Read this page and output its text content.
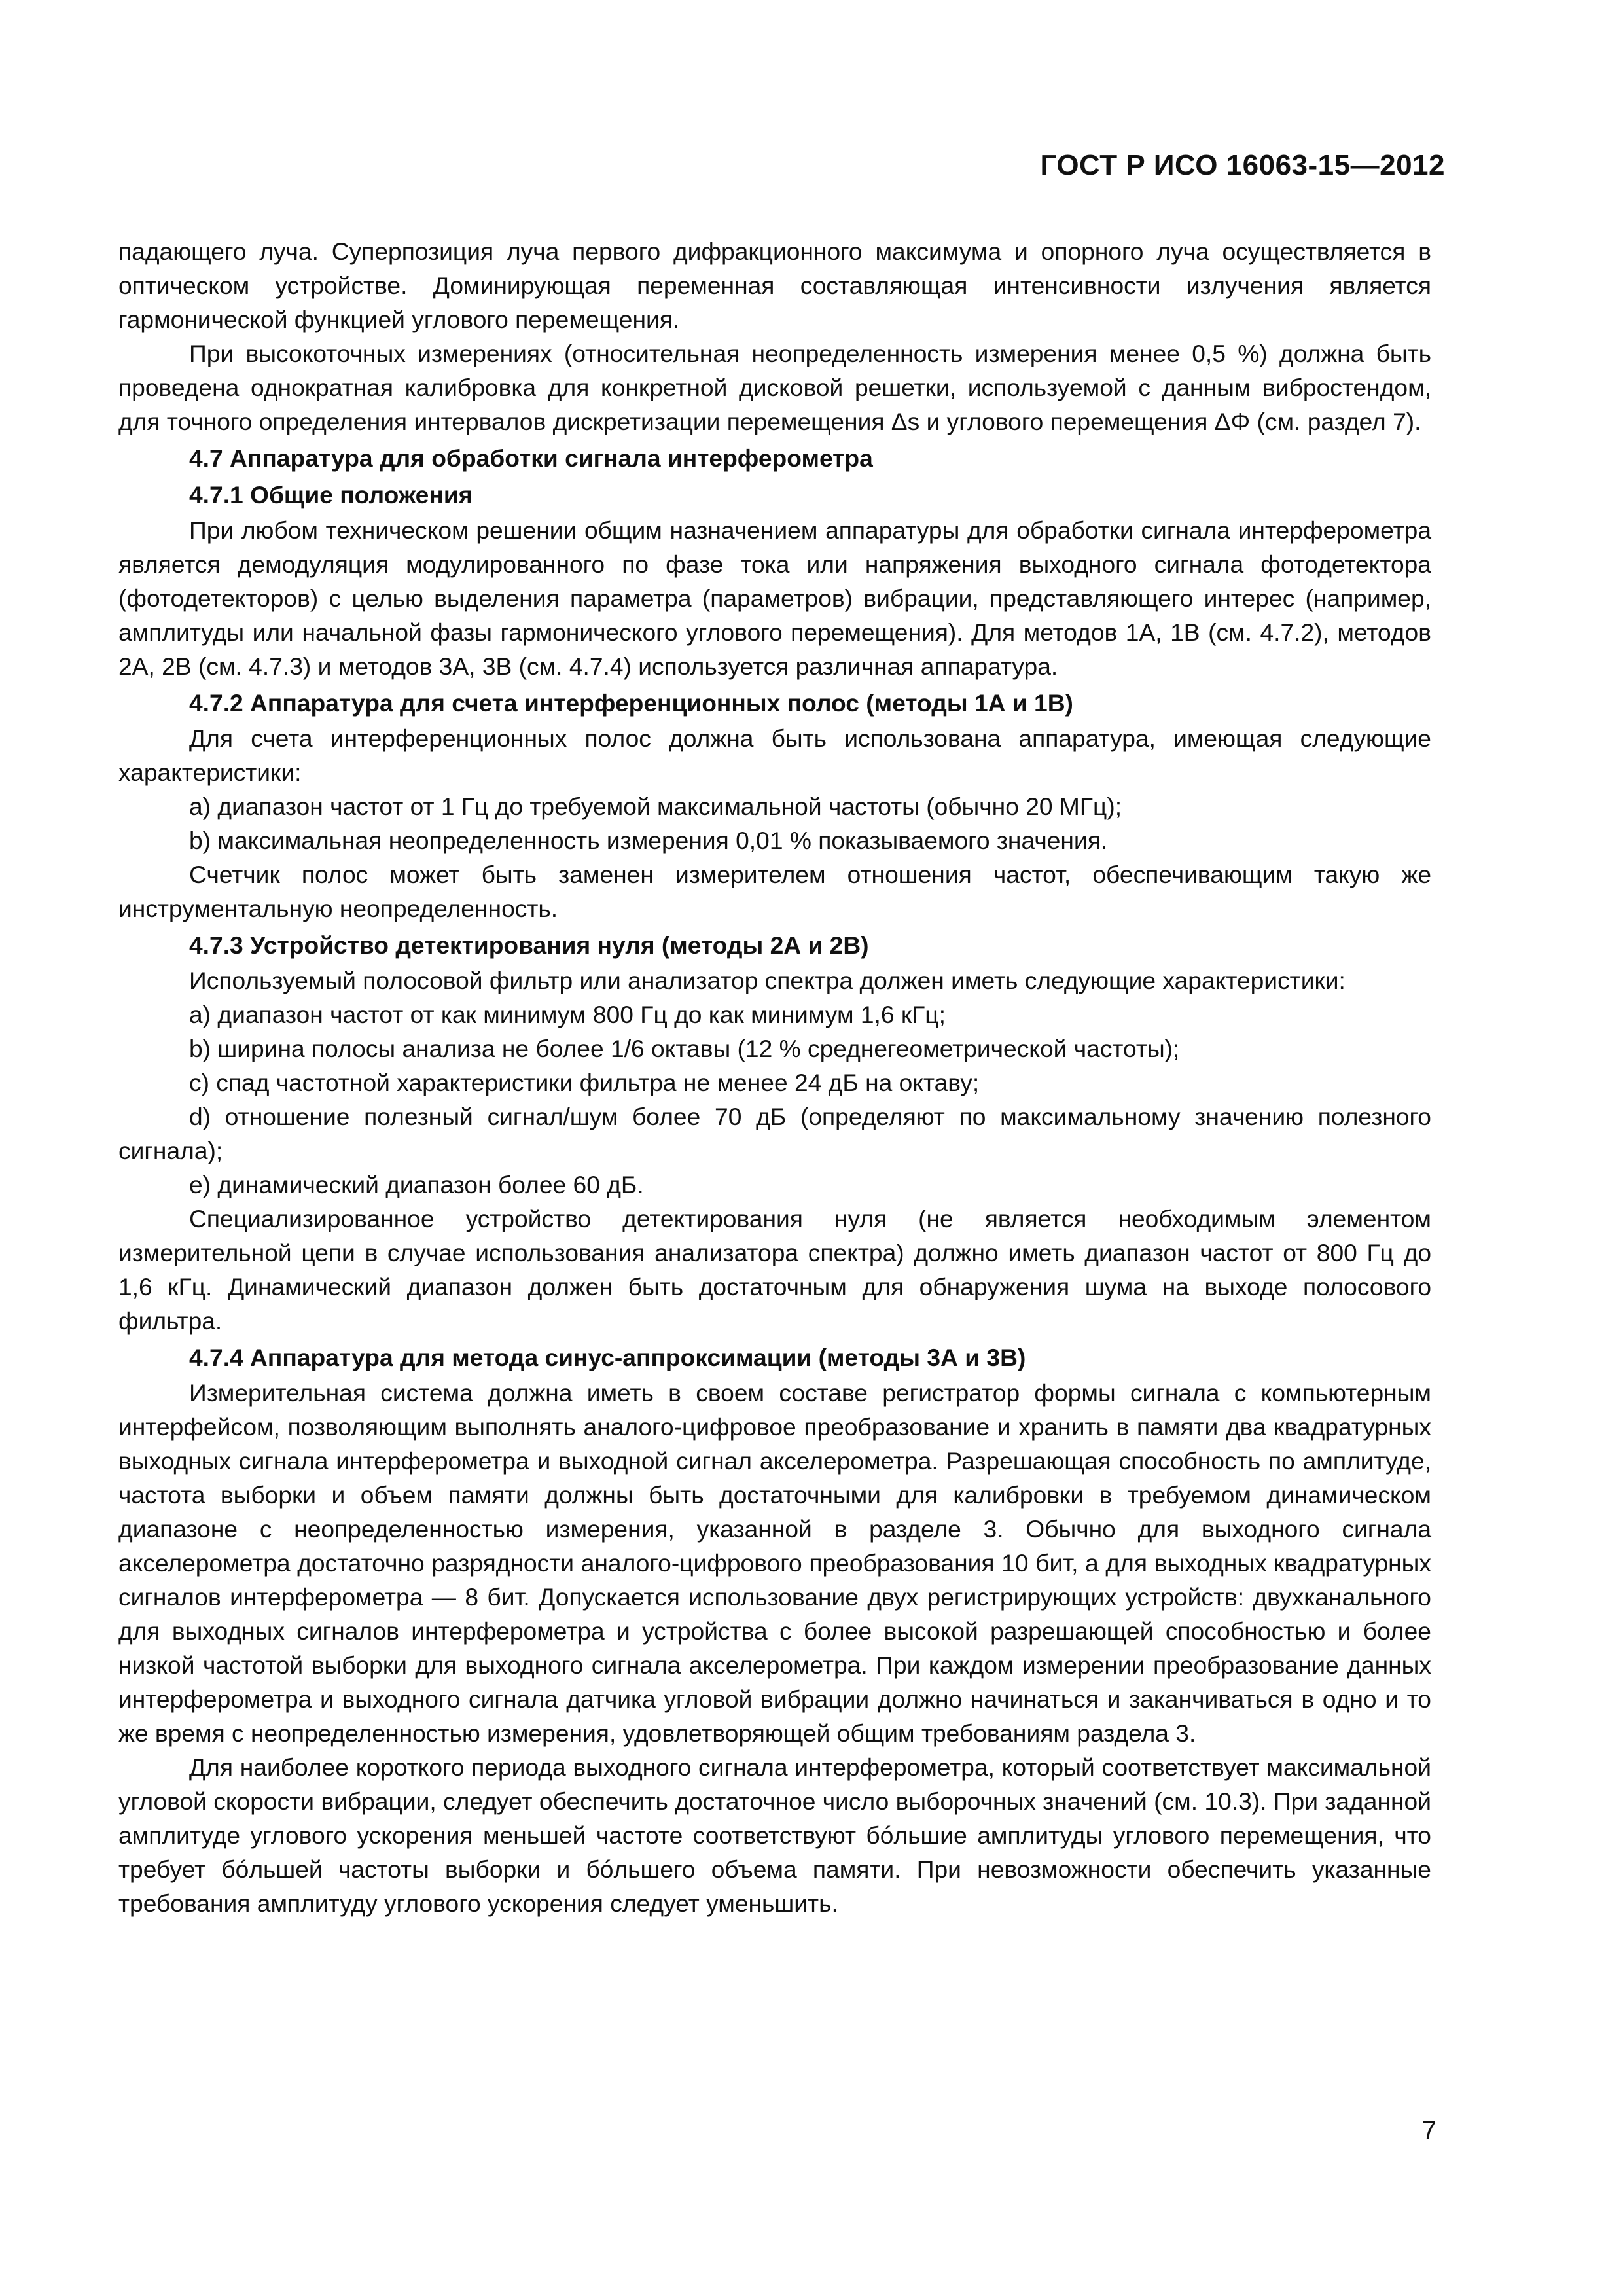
ГОСТ Р ИСО 16063-15—2012

падающего луча. Суперпозиция луча первого дифракционного максимума и опорного луча осуществляется в оптическом устройстве. Доминирующая переменная составляющая интенсивности излучения является гармонической функцией углового перемещения.

При высокоточных измерениях (относительная неопределенность измерения менее 0,5 %) должна быть проведена однократная калибровка для конкретной дисковой решетки, используемой с данным вибростендом, для точного определения интервалов дискретизации перемещения Δs и углового перемещения ΔΦ (см. раздел 7).

4.7 Аппаратура для обработки сигнала интерферометра
4.7.1 Общие положения

При любом техническом решении общим назначением аппаратуры для обработки сигнала интерферометра является демодуляция модулированного по фазе тока или напряжения выходного сигнала фотодетектора (фотодетекторов) с целью выделения параметра (параметров) вибрации, представляющего интерес (например, амплитуды или начальной фазы гармонического углового перемещения). Для методов 1А, 1В (см. 4.7.2), методов 2А, 2В (см. 4.7.3) и методов 3А, 3В (см. 4.7.4) используется различная аппаратура.

4.7.2 Аппаратура для счета интерференционных полос (методы 1А и 1В)

Для счета интерференционных полос должна быть использована аппаратура, имеющая следующие характеристики:

a) диапазон частот от 1 Гц до требуемой максимальной частоты (обычно 20 МГц);

b) максимальная неопределенность измерения 0,01 % показываемого значения.

Счетчик полос может быть заменен измерителем отношения частот, обеспечивающим такую же инструментальную неопределенность.

4.7.3 Устройство детектирования нуля (методы 2А и 2В)

Используемый полосовой фильтр или анализатор спектра должен иметь следующие характеристики:

a) диапазон частот от как минимум 800 Гц до как минимум 1,6 кГц;

b) ширина полосы анализа не более 1/6 октавы (12 % среднегеометрической частоты);

c) спад частотной характеристики фильтра не менее 24 дБ на октаву;

d) отношение полезный сигнал/шум более 70 дБ (определяют по максимальному значению полезного сигнала);

e) динамический диапазон более 60 дБ.

Специализированное устройство детектирования нуля (не является необходимым элементом измерительной цепи в случае использования анализатора спектра) должно иметь диапазон частот от 800 Гц до 1,6 кГц. Динамический диапазон должен быть достаточным для обнаружения шума на выходе полосового фильтра.

4.7.4 Аппаратура для метода синус-аппроксимации (методы 3А и 3В)

Измерительная система должна иметь в своем составе регистратор формы сигнала с компьютерным интерфейсом, позволяющим выполнять аналого-цифровое преобразование и хранить в памяти два квадратурных выходных сигнала интерферометра и выходной сигнал акселерометра. Разрешающая способность по амплитуде, частота выборки и объем памяти должны быть достаточными для калибровки в требуемом динамическом диапазоне с неопределенностью измерения, указанной в разделе 3. Обычно для выходного сигнала акселерометра достаточно разрядности аналого-цифрового преобразования 10 бит, а для выходных квадратурных сигналов интерферометра — 8 бит. Допускается использование двух регистрирующих устройств: двухканального для выходных сигналов интерферометра и устройства с более высокой разрешающей способностью и более низкой частотой выборки для выходного сигнала акселерометра. При каждом измерении преобразование данных интерферометра и выходного сигнала датчика угловой вибрации должно начинаться и заканчиваться в одно и то же время с неопределенностью измерения, удовлетворяющей общим требованиям раздела 3.

Для наиболее короткого периода выходного сигнала интерферометра, который соответствует максимальной угловой скорости вибрации, следует обеспечить достаточное число выборочных значений (см. 10.3). При заданной амплитуде углового ускорения меньшей частоте соответствуют бóльшие амплитуды углового перемещения, что требует бóльшей частоты выборки и бóльшего объема памяти. При невозможности обеспечить указанные требования амплитуду углового ускорения следует уменьшить.

7
